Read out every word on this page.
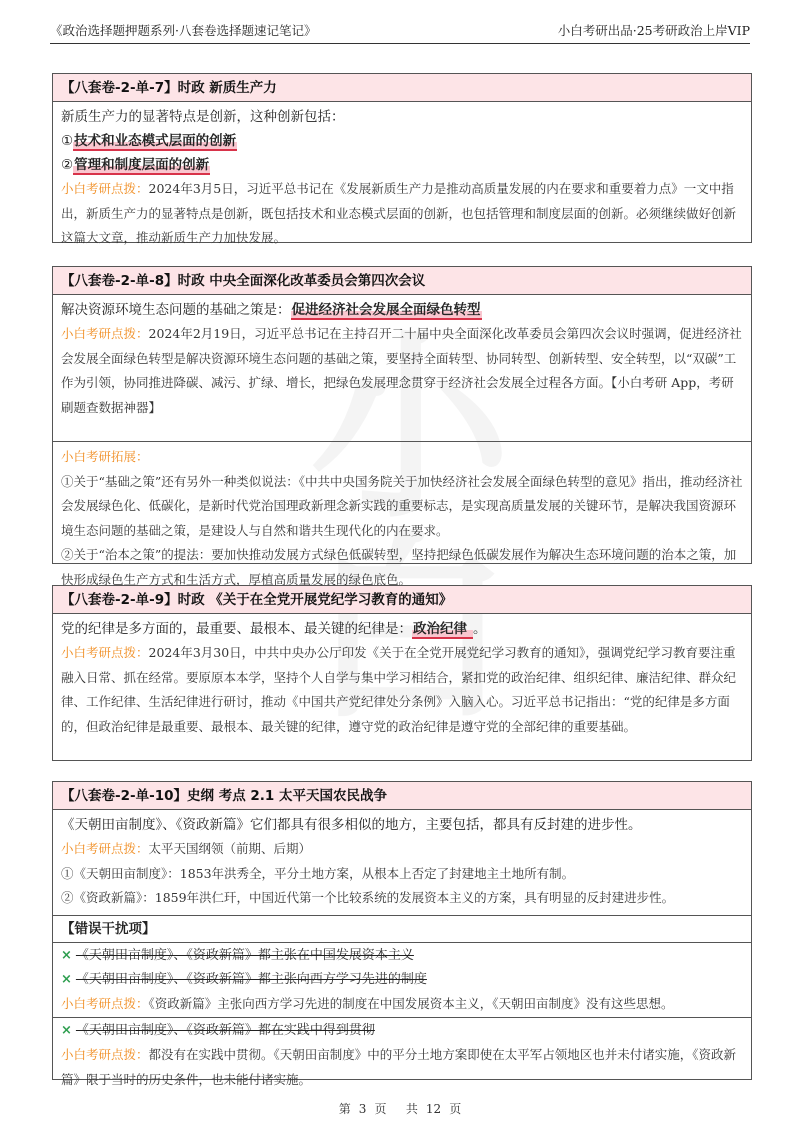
《政治选择题押题系列·八套卷选择题速记笔记》	小白考研出品·25考研政治上岸VIP
【八套卷-2-单-7】时政 新质生产力
新质生产力的显著特点是创新，这种创新包括：
①技术和业态模式层面的创新
②管理和制度层面的创新
小白考研点拨：2024年3月5日，习近平总书记在《发展新质生产力是推动高质量发展的内在要求和重要着力点》一文中指出，新质生产力的显著特点是创新，既包括技术和业态模式层面的创新，也包括管理和制度层面的创新。必须继续做好创新这篇大文章，推动新质生产力加快发展。
【八套卷-2-单-8】时政 中央全面深化改革委员会第四次会议
解决资源环境生态问题的基础之策是：促进经济社会发展全面绿色转型
小白考研点拨：2024年2月19日，习近平总书记在主持召开二十届中央全面深化改革委员会第四次会议时强调，促进经济社会发展全面绿色转型是解决资源环境生态问题的基础之策，要坚持全面转型、协同转型、创新转型、安全转型，以“双碳”工作为引领，协同推进降碳、减污、扩绿、增长，把绿色发展理念贯穿于经济社会发展全过程各方面。【小白考研 App，考研刷题查数据神器】
小白考研拓展：
①关于“基础之策”还有另外一种类似说法：《中共中央国务院关于加快经济社会发展全面绿色转型的意见》指出，推动经济社会发展绿色化、低碳化，是新时代党治国理政新理念新实践的重要标志，是实现高质量发展的关键环节，是解决我国资源环境生态问题的基础之策，是建设人与自然和谐共生现代化的内在要求。
②关于“治本之策”的提法：要加快推动发展方式绿色低碳转型，坚持把绿色低碳发展作为解决生态环境问题的治本之策，加快形成绿色生产方式和生活方式，厚植高质量发展的绿色底色。
【八套卷-2-单-9】时政 《关于在全党开展党纪学习教育的通知》
党的纪律是多方面的，最重要、最根本、最关键的纪律是：政治纪律 。
小白考研点拨：2024年3月30日，中共中央办公厅印发《关于在全党开展党纪学习教育的通知》，强调党纪学习教育要注重融入日常、抓在经常。要原原本本学，坚持个人自学与集中学习相结合，紧扣党的政治纪律、组织纪律、廉洁纪律、群众纪律、工作纪律、生活纪律进行研讨，推动《中国共产党纪律处分条例》入脑入心。习近平总书记指出：“党的纪律是多方面的，但政治纪律是最重要、最根本、最关键的纪律，遵守党的政治纪律是遵守党的全部纪律的重要基础。
【八套卷-2-单-10】史纲 考点 2.1 太平天国农民战争
《天朝田亩制度》、《资政新篇》它们都具有很多相似的地方，主要包括，都具有反封建的进步性。
小白考研点拨：太平天国纲领（前期、后期）
①《天朝田亩制度》：1853年洪秀全，平分土地方案，从根本上否定了封建地主土地所有制。
②《资政新篇》：1859年洪仁玕，中国近代第一个比较系统的发展资本主义的方案，具有明显的反封建进步性。
【错误干扰项】
× 《天朝田亩制度》、《资政新篇》都主张在中国发展资本主义
× 《天朝田亩制度》、《资政新篇》都主张向西方学习先进的制度
小白考研点拨：《资政新篇》主张向西方学习先进的制度在中国发展资本主义，《天朝田亩制度》没有这些思想。
× 《天朝田亩制度》、《资政新篇》都在实践中得到贯彻
小白考研点拨：都没有在实践中贯彻。《天朝田亩制度》中的平分土地方案即使在太平军占领地区也并未付诸实施，《资政新篇》限于当时的历史条件，也未能付诸实施。
第 3 页 共 12 页
